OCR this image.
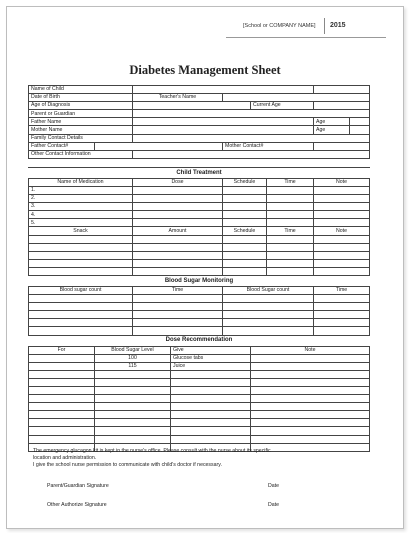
[School or COMPANY NAME] 2015
Diabetes Management Sheet
Name of Child								
Date of Birth		Teacher's Name						
Age of Diagnosis					Current Age			
Parent or Guardian								
Father Name							Age	
Mother Name							Age	
Family Contact Details								
Father Contact#				Mother Contact#				
Other Contact Information								

Child Treatment								
Name of Medication		Dose		Schedule		Time	Note	
1.								
2.								
3.								
4.								
5.								
Snack		Amount		Schedule		Time	Note	

Blood Sugar Monitoring								
Blood sugar count		Time		Blood Sugar count			Time	

Dose Recommendation								
For	Blood Sugar Level		Give		Note			
	100		Glucose tabs					
	115		Juice					

The emergency glucagon kit is kept in the nurse's office. Please consult with the nurse about its specific
location and administration.
I give the school nurse permission to communicate with child's doctor if necessary.
Parent/Guardian Signature	Date
Other Authorize Signature	Date
